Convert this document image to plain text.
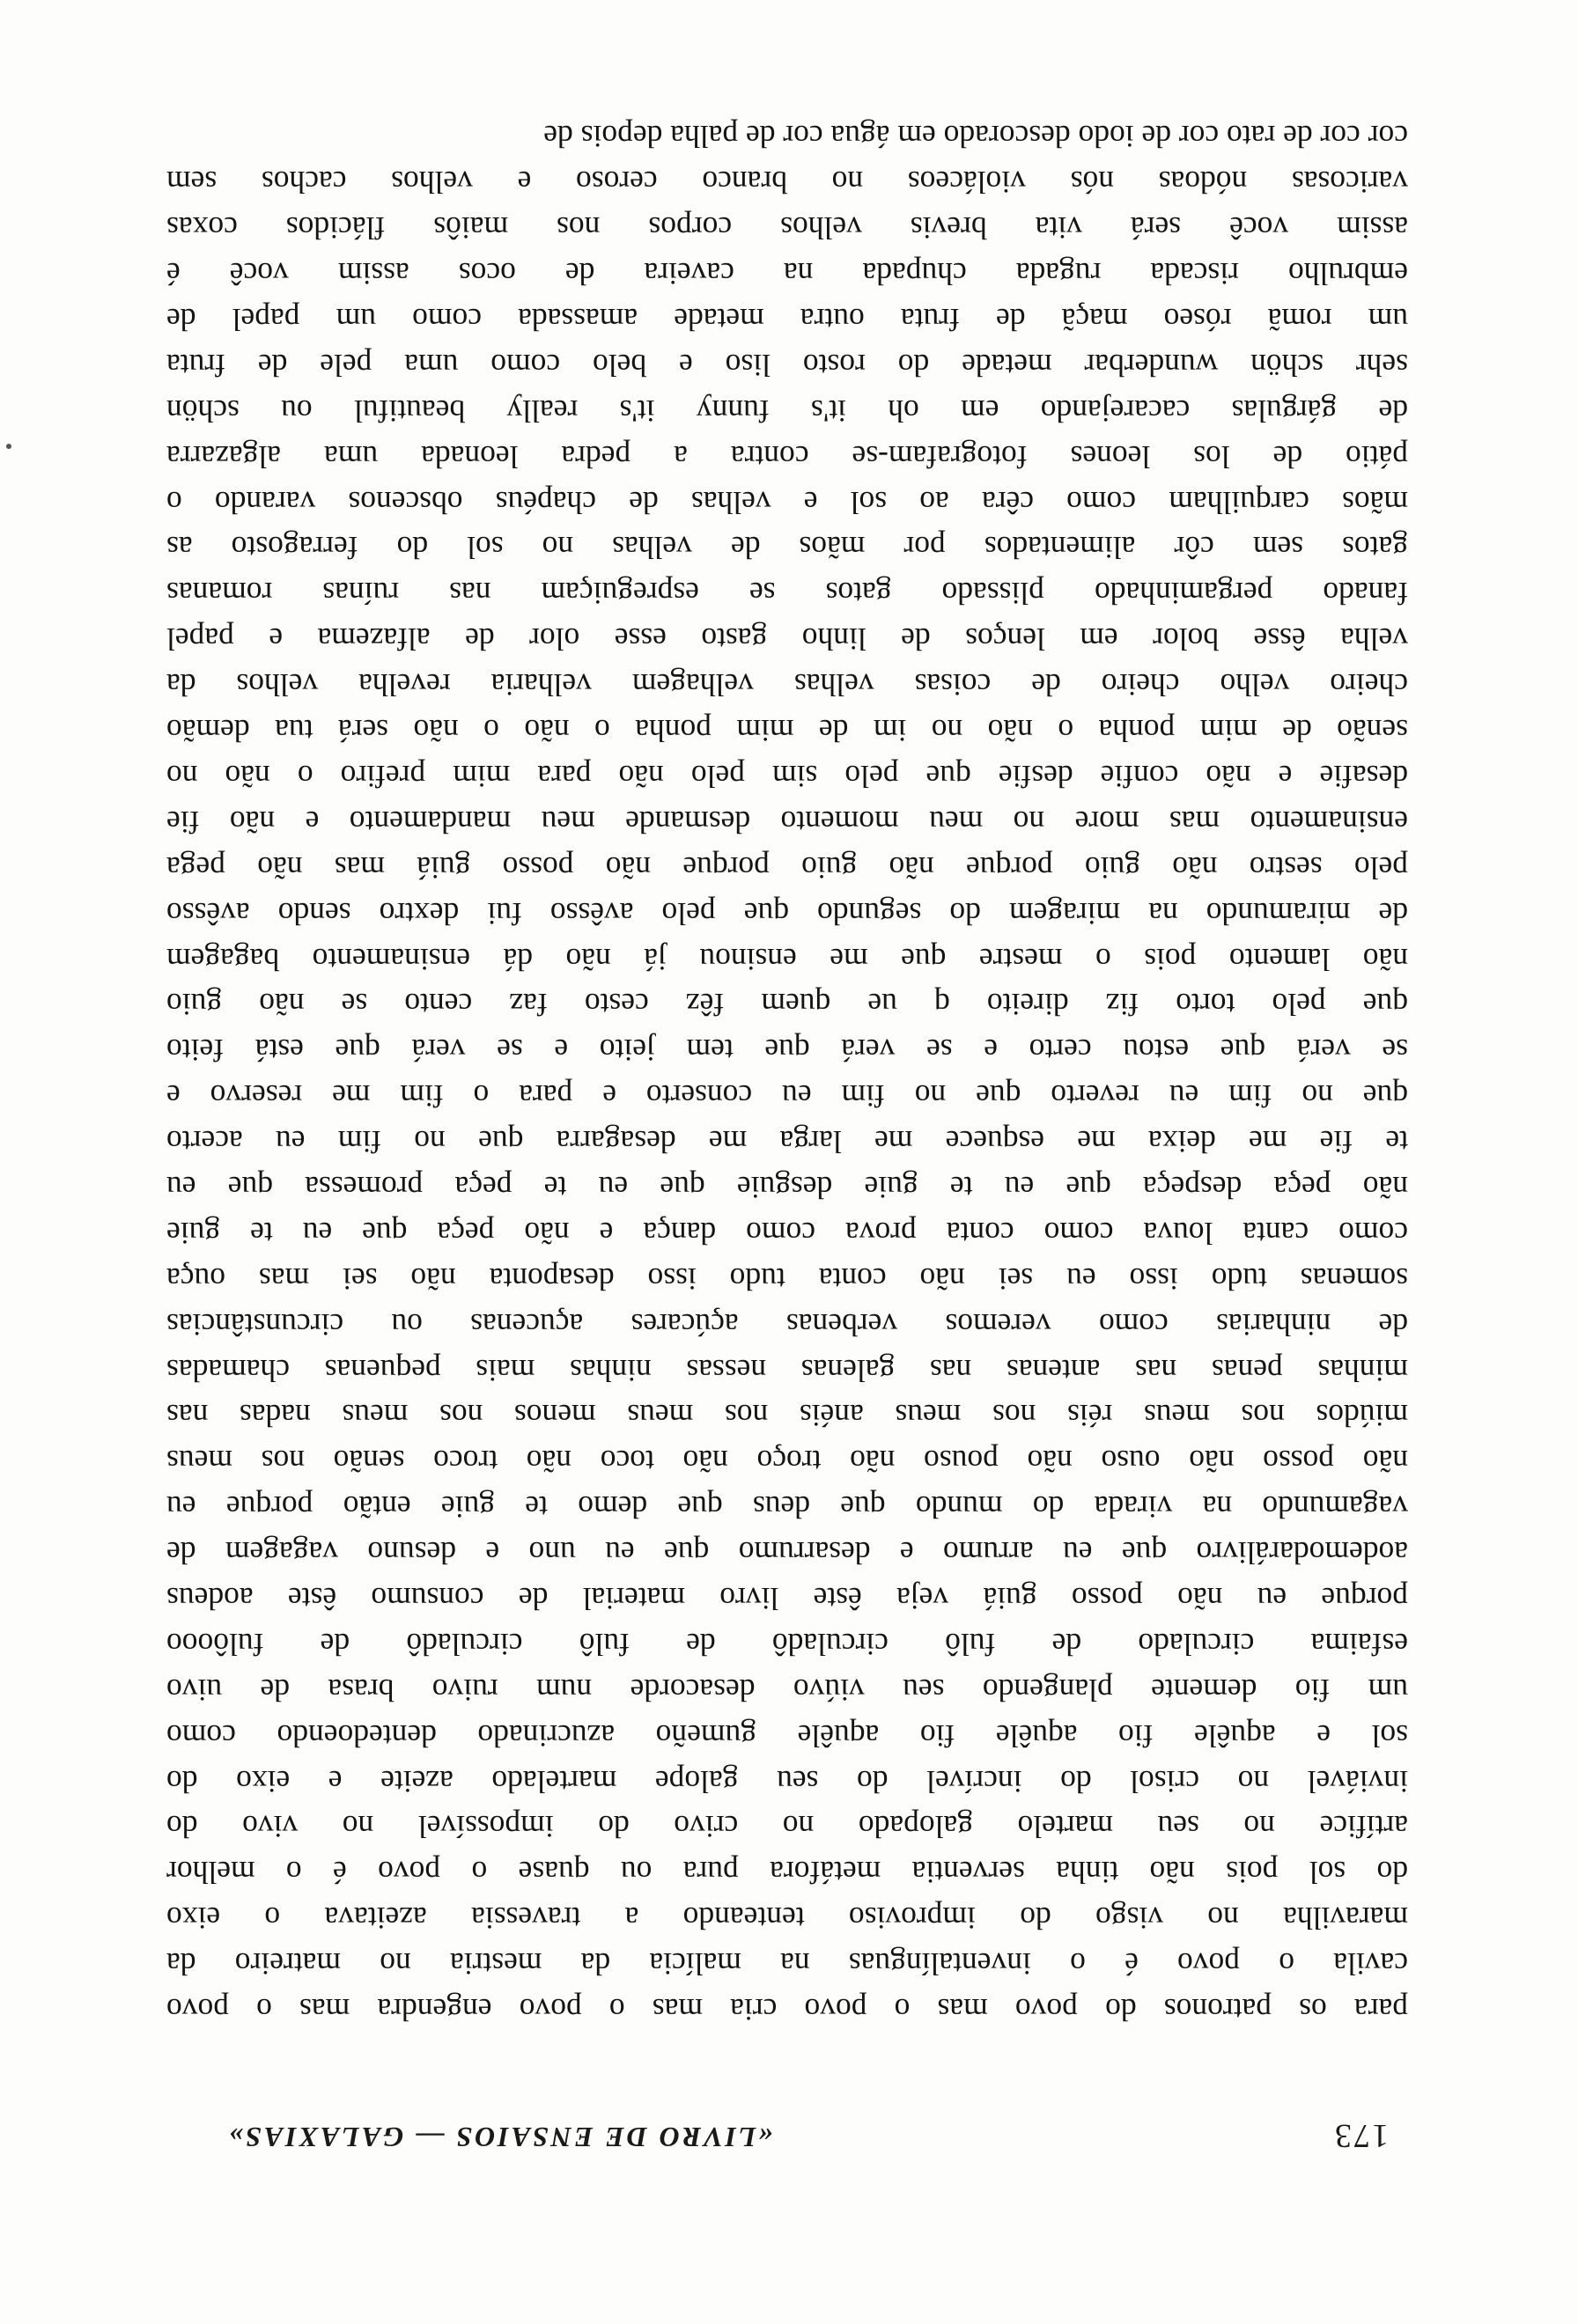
«LIVRO DE ENSAIOS — GALAXIAS»	173
para os patronos do povo mas o povo cria mas o povo engendra mas o povo
cavila o povo é o inventalínguas na malícia da mestria no matreiro da
maravilha no visgo do improviso tenteando a travessia azeitava o eixo
do sol pois não tinha serventia metáfora pura ou quase o povo é o melhor
artífice no seu martelo galopado no crivo do impossível no vivo do
inviável no crisol do incrível do seu galope martelado azeite e eixo do
sol e aquêle fio aquêle fio aquêle gumeño azucrinado dentedoendo como
um fio demente plangendo seu viúvo desacorde num ruivo brasa de uivo
esfaima circulado de fulô circuladô de fulô circuladô de fulôooo
porque eu não posso guiá veja êste livro material de consumo êste aodeus
aodemodarálivro que eu arrumo e desarrumo que eu uno e desuno vagagem de
vagamundo na virada do mundo que deus que demo te guie então porque eu
não posso não ouso não pouso não troço não toco não troco senão nos meus
miúdos nos meus réis nos meus anéis nos meus menos nos meus nadas nas
minhas penas nas antenas nas galenas nessas ninhas mais pequenas chamadas
de ninharias como veremos verbenas açúcares açucenas ou circunstâncias
somenas tudo isso eu sei não conta tudo isso desaponta não sei mas ouça
como canta louva como conta prova como dança e não peça que eu te guie
não peça despeça que eu te guie desguie que eu te peça promessa que eu
te fie me deixa me esquece me larga me desagarra que no fim eu acerto
que no fim eu reverto que no fim eu conserto e para o fim me reservo e
se verá que estou certo e se verá que tem jeito e se verá que está feito
que pelo torto fiz direito q ue quem fêz cesto faz cento se não guio
não lamento pois o mestre que me ensinou já não dá ensinamento bagagem
de miramundo na miragem do segundo que pelo avêsso fui dextro sendo avêsso
pelo sestro não guio porque não guio porque não posso guiá mas não pega
ensinamento mas more no meu momento desmande meu mandamento e não fie
desafie e não confie desfie que pelo sim pelo não para mim prefiro o não no
senão de mim ponha o não no im de mim ponha o não o não será tua demão
cheiro velho cheiro de coisas velhas velhagem velharia revelha velhos da
velha êsse bolor em lenços de linho gasto esse olor de alfazema e papel
fanado pergaminhado plissado gatos se espreguiçam nas ruínas romanas
gatos sem côr alimentados por mãos de velhas no sol do ferragosto as
mãos carquilham como cêra ao sol e velhas de chapéus obscenos varando o
pátio de los leones fotografam-se contra a pedra leonada uma algazarra
de gárgulas cacarejando em oh it's funny it's really beautiful ou schön
sehr schön wunderbar metade do rosto liso e belo como uma pele de fruta
um romã róseo maçã de fruta outra metade amassada como um papel de
embrulho riscada rugada chupada na caveira de ocos assim você é
assim você será vita brevis velhos corpos nos maiôs flácidos coxas
varicosas nódoas nós violáceos no branco ceroso e velhos cachos sem
cor cor de rato cor de iodo descorado em água cor de palha depois de
